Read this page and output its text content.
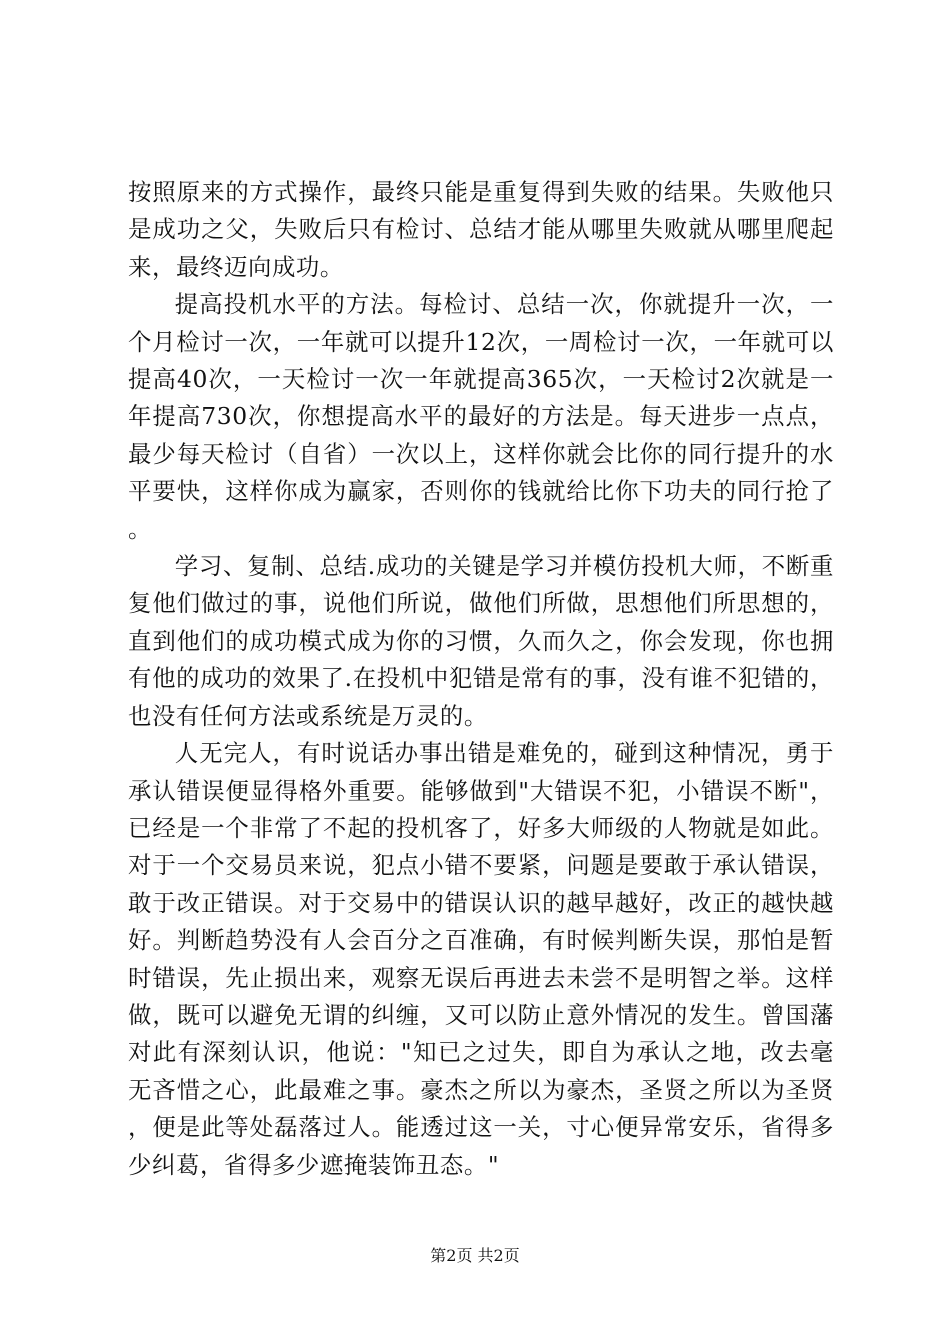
按照原来的方式操作，最终只能是重复得到失败的结果。失败他只是成功之父，失败后只有检讨、总结才能从哪里失败就从哪里爬起来，最终迈向成功。

提高投机水平的方法。每检讨、总结一次，你就提升一次，一个月检讨一次，一年就可以提升12次，一周检讨一次，一年就可以提高40次，一天检讨一次一年就提高365次，一天检讨2次就是一年提高730次，你想提高水平的最好的方法是。每天进步一点点，最少每天检讨（自省）一次以上，这样你就会比你的同行提升的水平要快，这样你成为赢家，否则你的钱就给比你下功夫的同行抢了。

学习、复制、总结.成功的关键是学习并模仿投机大师，不断重复他们做过的事，说他们所说，做他们所做，思想他们所思想的，直到他们的成功模式成为你的习惯，久而久之，你会发现，你也拥有他的成功的效果了.在投机中犯错是常有的事，没有谁不犯错的，也没有任何方法或系统是万灵的。

人无完人，有时说话办事出错是难免的，碰到这种情况，勇于承认错误便显得格外重要。能够做到"大错误不犯，小错误不断"，已经是一个非常了不起的投机客了，好多大师级的人物就是如此。对于一个交易员来说，犯点小错不要紧，问题是要敢于承认错误，敢于改正错误。对于交易中的错误认识的越早越好，改正的越快越好。判断趋势没有人会百分之百准确，有时候判断失误，那怕是暂时错误，先止损出来，观察无误后再进去未尝不是明智之举。这样做，既可以避免无谓的纠缠，又可以防止意外情况的发生。曾国藩对此有深刻认识，他说："知已之过失，即自为承认之地，改去毫无吝惜之心，此最难之事。豪杰之所以为豪杰，圣贤之所以为圣贤，便是此等处磊落过人。能透过这一关，寸心便异常安乐，省得多少纠葛，省得多少遮掩装饰丑态。"

第2页 共2页
